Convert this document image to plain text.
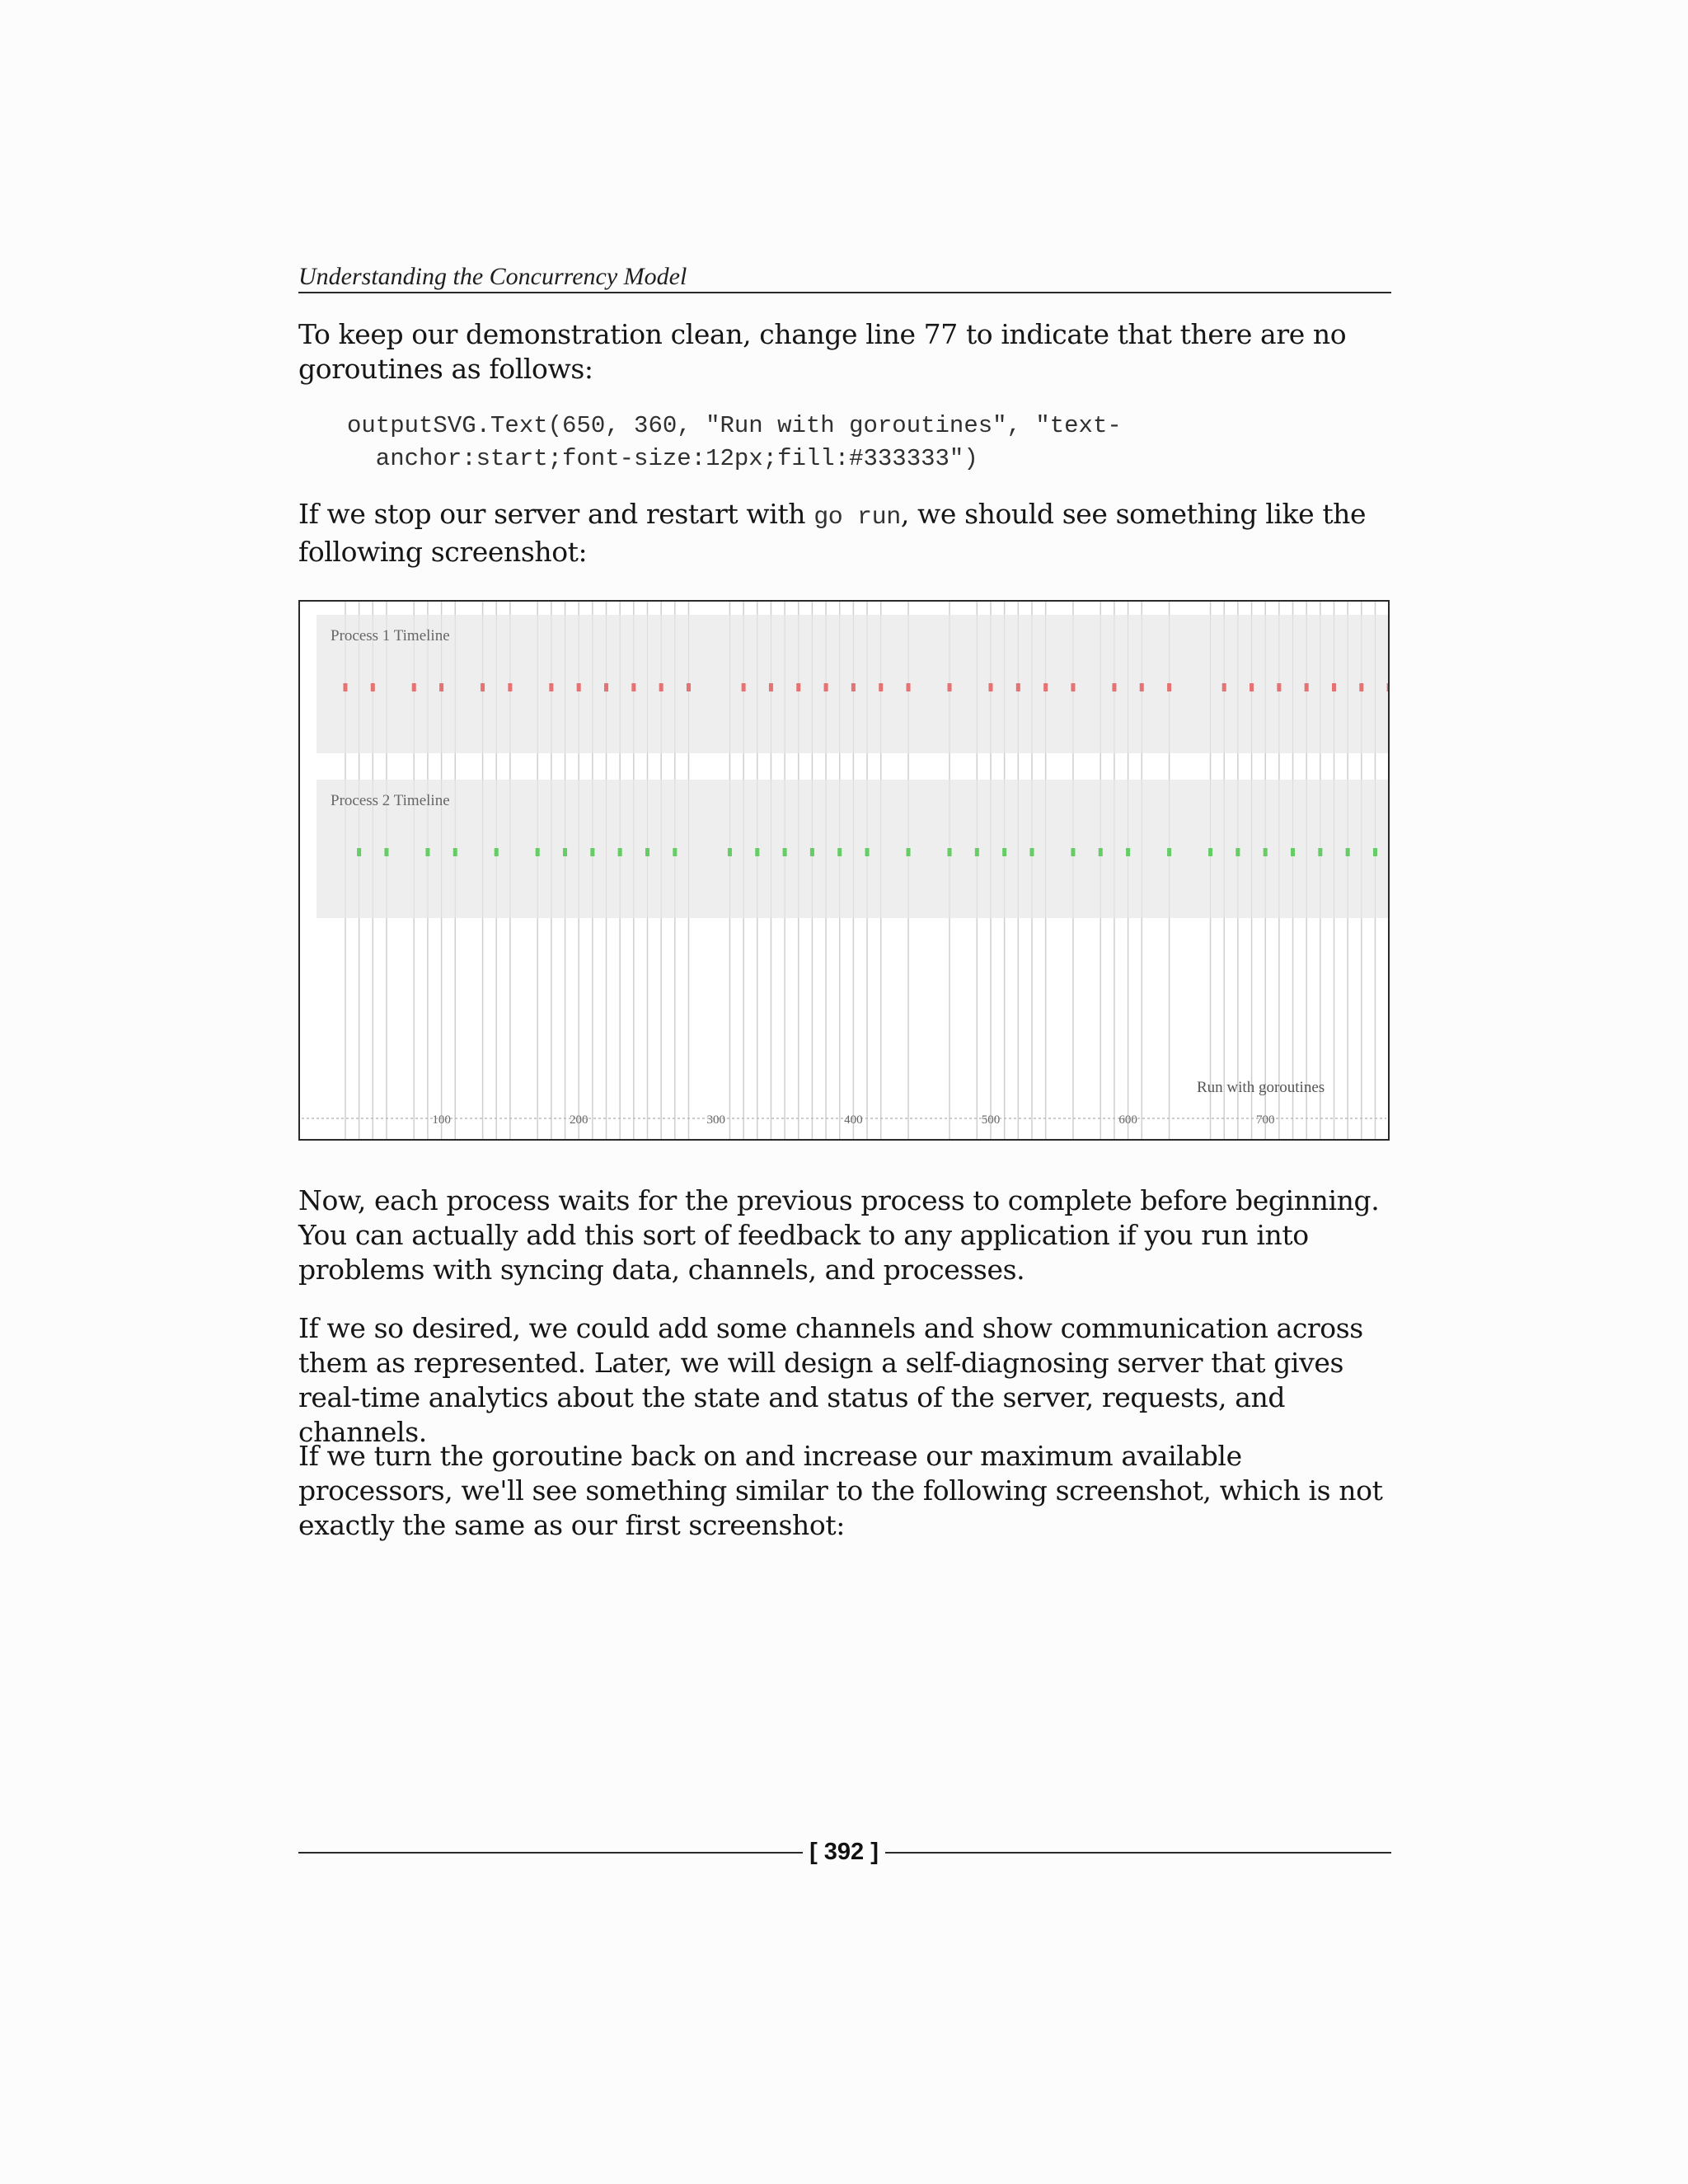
Understanding the Concurrency Model

To keep our demonstration clean, change line 77 to indicate that there are no goroutines as follows:

outputSVG.Text(650, 360, "Run with goroutines", "text-
anchor:start;font-size:12px;fill:#333333")

If we stop our server and restart with go run, we should see something like the following screenshot:

Process 1 Timeline
Process 2 Timeline
Run with goroutines
100	200	300	400	500	600	700

Now, each process waits for the previous process to complete before beginning. You can actually add this sort of feedback to any application if you run into problems with syncing data, channels, and processes.

If we so desired, we could add some channels and show communication across them as represented. Later, we will design a self-diagnosing server that gives real-time analytics about the state and status of the server, requests, and channels.

If we turn the goroutine back on and increase our maximum available processors, we'll see something similar to the following screenshot, which is not exactly the same as our first screenshot:

[ 392 ]
